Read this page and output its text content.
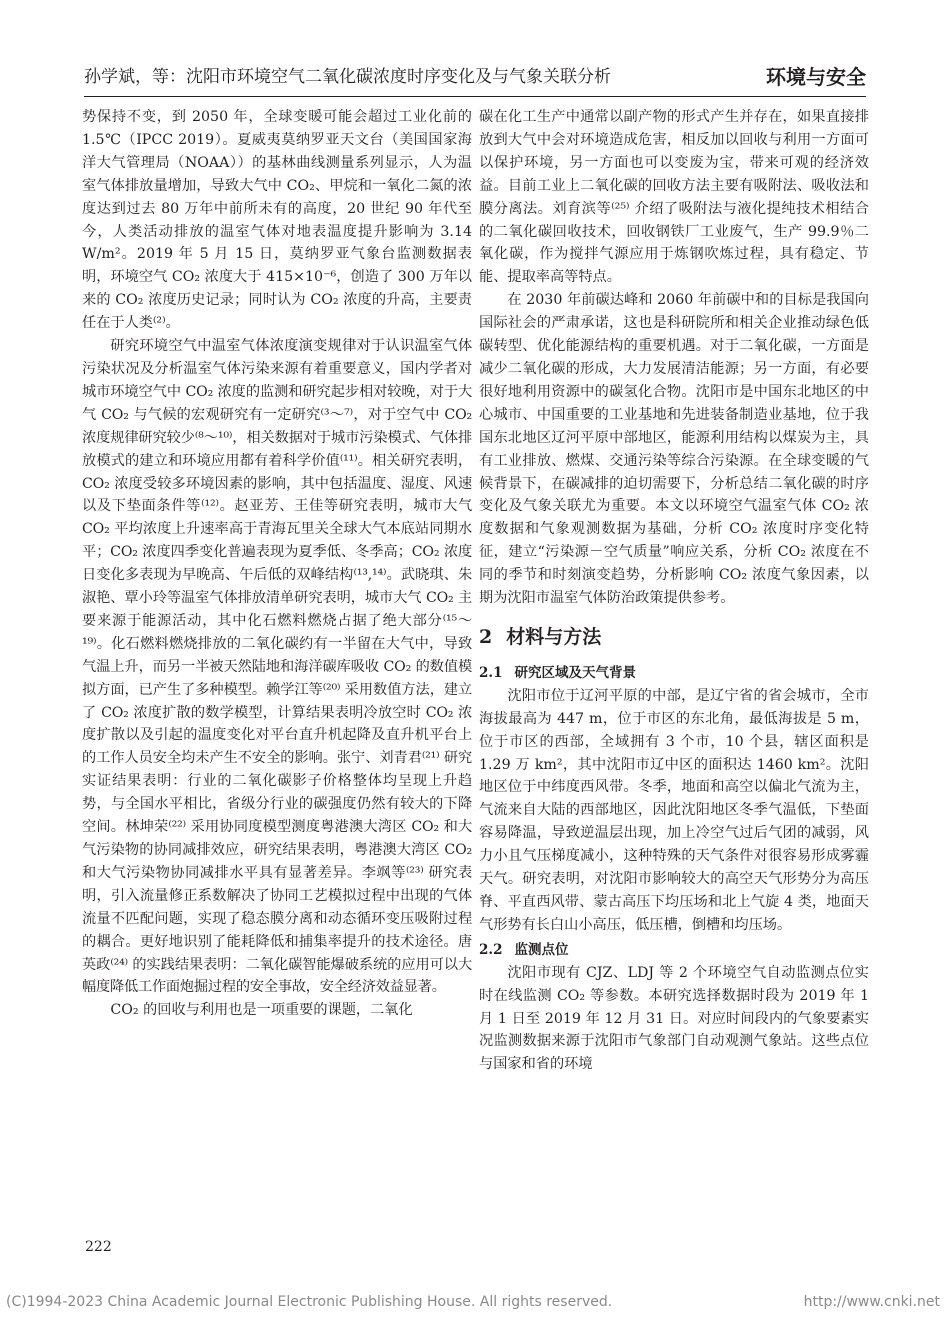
孙学斌，等：沈阳市环境空气二氧化碳浓度时序变化及与气象关联分析	环境与安全

势保持不变，到 2050 年，全球变暖可能会超过工业化前的 1.5℃（IPCC 2019）。夏威夷莫纳罗亚天文台（美国国家海洋大气管理局（NOAA））的基林曲线测量系列显示，人为温室气体排放量增加，导致大气中 CO₂、甲烷和一氧化二氮的浓度达到过去 80 万年中前所未有的高度，20 世纪 90 年代至今，人类活动排放的温室气体对地表温度提升影响为 3.14 W/m²。2019 年 5 月 15 日，莫纳罗亚气象台监测数据表明，环境空气 CO₂ 浓度大于 415×10⁻⁶，创造了 300 万年以来的 CO₂ 浓度历史记录；同时认为 CO₂ 浓度的升高，主要责任在于人类⁽²⁾。

研究环境空气中温室气体浓度演变规律对于认识温室气体污染状况及分析温室气体污染来源有着重要意义，国内学者对城市环境空气中 CO₂ 浓度的监测和研究起步相对较晚，对于大气 CO₂ 与气候的宏观研究有一定研究⁽³～⁷⁾，对于空气中 CO₂ 浓度规律研究较少⁽⁸～¹⁰⁾，相关数据对于城市污染模式、气体排放模式的建立和环境应用都有着科学价值⁽¹¹⁾。相关研究表明，CO₂ 浓度受较多环境因素的影响，其中包括温度、湿度、风速以及下垫面条件等⁽¹²⁾。赵亚芳、王佳等研究表明，城市大气 CO₂ 平均浓度上升速率高于青海瓦里关全球大气本底站同期水平；CO₂ 浓度四季变化普遍表现为夏季低、冬季高；CO₂ 浓度日变化多表现为早晚高、午后低的双峰结构⁽¹³,¹⁴⁾。武晓琪、朱淑艳、覃小玲等温室气体排放清单研究表明，城市大气 CO₂ 主要来源于能源活动，其中化石燃料燃烧占据了绝大部分⁽¹⁵～¹⁹⁾。化石燃料燃烧排放的二氧化碳约有一半留在大气中，导致气温上升，而另一半被天然陆地和海洋碳库吸收 CO₂ 的数值模拟方面，已产生了多种模型。赖学江等⁽²⁰⁾ 采用数值方法，建立了 CO₂ 浓度扩散的数学模型，计算结果表明冷放空时 CO₂ 浓度扩散以及引起的温度变化对平台直升机起降及直升机平台上的工作人员安全均未产生不安全的影响。张宁、刘青君⁽²¹⁾ 研究实证结果表明：行业的二氧化碳影子价格整体均呈现上升趋势，与全国水平相比，省级分行业的碳强度仍然有较大的下降空间。林坤荣⁽²²⁾ 采用协同度模型测度粤港澳大湾区 CO₂ 和大气污染物的协同减排效应，研究结果表明，粤港澳大湾区 CO₂ 和大气污染物协同减排水平具有显著差异。李飒等⁽²³⁾ 研究表明，引入流量修正系数解决了协同工艺模拟过程中出现的气体流量不匹配问题，实现了稳态膜分离和动态循环变压吸附过程的耦合。更好地识别了能耗降低和捕集率提升的技术途径。唐英政⁽²⁴⁾ 的实践结果表明：二氧化碳智能爆破系统的应用可以大幅度降低工作面炮掘过程的安全事故，安全经济效益显著。

CO₂ 的回收与利用也是一项重要的课题，二氧化

碳在化工生产中通常以副产物的形式产生并存在，如果直接排放到大气中会对环境造成危害，相反加以回收与利用一方面可以保护环境，另一方面也可以变废为宝，带来可观的经济效益。目前工业上二氧化碳的回收方法主要有吸附法、吸收法和膜分离法。刘育滨等⁽²⁵⁾ 介绍了吸附法与液化提纯技术相结合的二氧化碳回收技术，回收钢铁厂工业废气，生产 99.9％二氧化碳，作为搅拌气源应用于炼钢吹炼过程，具有稳定、节能、提取率高等特点。

在 2030 年前碳达峰和 2060 年前碳中和的目标是我国向国际社会的严肃承诺，这也是科研院所和相关企业推动绿色低碳转型、优化能源结构的重要机遇。对于二氧化碳，一方面是减少二氧化碳的形成，大力发展清洁能源；另一方面，有必要很好地利用资源中的碳氢化合物。沈阳市是中国东北地区的中心城市、中国重要的工业基地和先进装备制造业基地，位于我国东北地区辽河平原中部地区，能源利用结构以煤炭为主，具有工业排放、燃煤、交通污染等综合污染源。在全球变暖的气候背景下，在碳减排的迫切需要下，分析总结二氧化碳的时序变化及气象关联尤为重要。本文以环境空气温室气体 CO₂ 浓度数据和气象观测数据为基础，分析 CO₂ 浓度时序变化特征，建立“污染源－空气质量”响应关系，分析 CO₂ 浓度在不同的季节和时刻演变趋势，分析影响 CO₂ 浓度气象因素，以期为沈阳市温室气体防治政策提供参考。

2 材料与方法
2.1 研究区域及天气背景

沈阳市位于辽河平原的中部，是辽宁省的省会城市，全市海拔最高为 447 m，位于市区的东北角，最低海拔是 5 m，位于市区的西部，全域拥有 3 个市，10 个县，辖区面积是 1.29 万 km²，其中沈阳市辽中区的面积达 1460 km²。沈阳地区位于中纬度西风带。冬季，地面和高空以偏北气流为主，气流来自大陆的西部地区，因此沈阳地区冬季气温低，下垫面容易降温，导致逆温层出现，加上冷空气过后气团的减弱，风力小且气压梯度减小，这种特殊的天气条件对很容易形成雾霾天气。研究表明，对沈阳市影响较大的高空天气形势分为高压脊、平直西风带、蒙古高压下均压场和北上气旋 4 类，地面天气形势有长白山小高压，低压槽，倒槽和均压场。

2.2 监测点位

沈阳市现有 CJZ、LDJ 等 2 个环境空气自动监测点位实时在线监测 CO₂ 等参数。本研究选择数据时段为 2019 年 1 月 1 日至 2019 年 12 月 31 日。对应时间段内的气象要素实况监测数据来源于沈阳市气象部门自动观测气象站。这些点位与国家和省的环境

222
(C)1994-2023 China Academic Journal Electronic Publishing House. All rights reserved.	http://www.cnki.net
